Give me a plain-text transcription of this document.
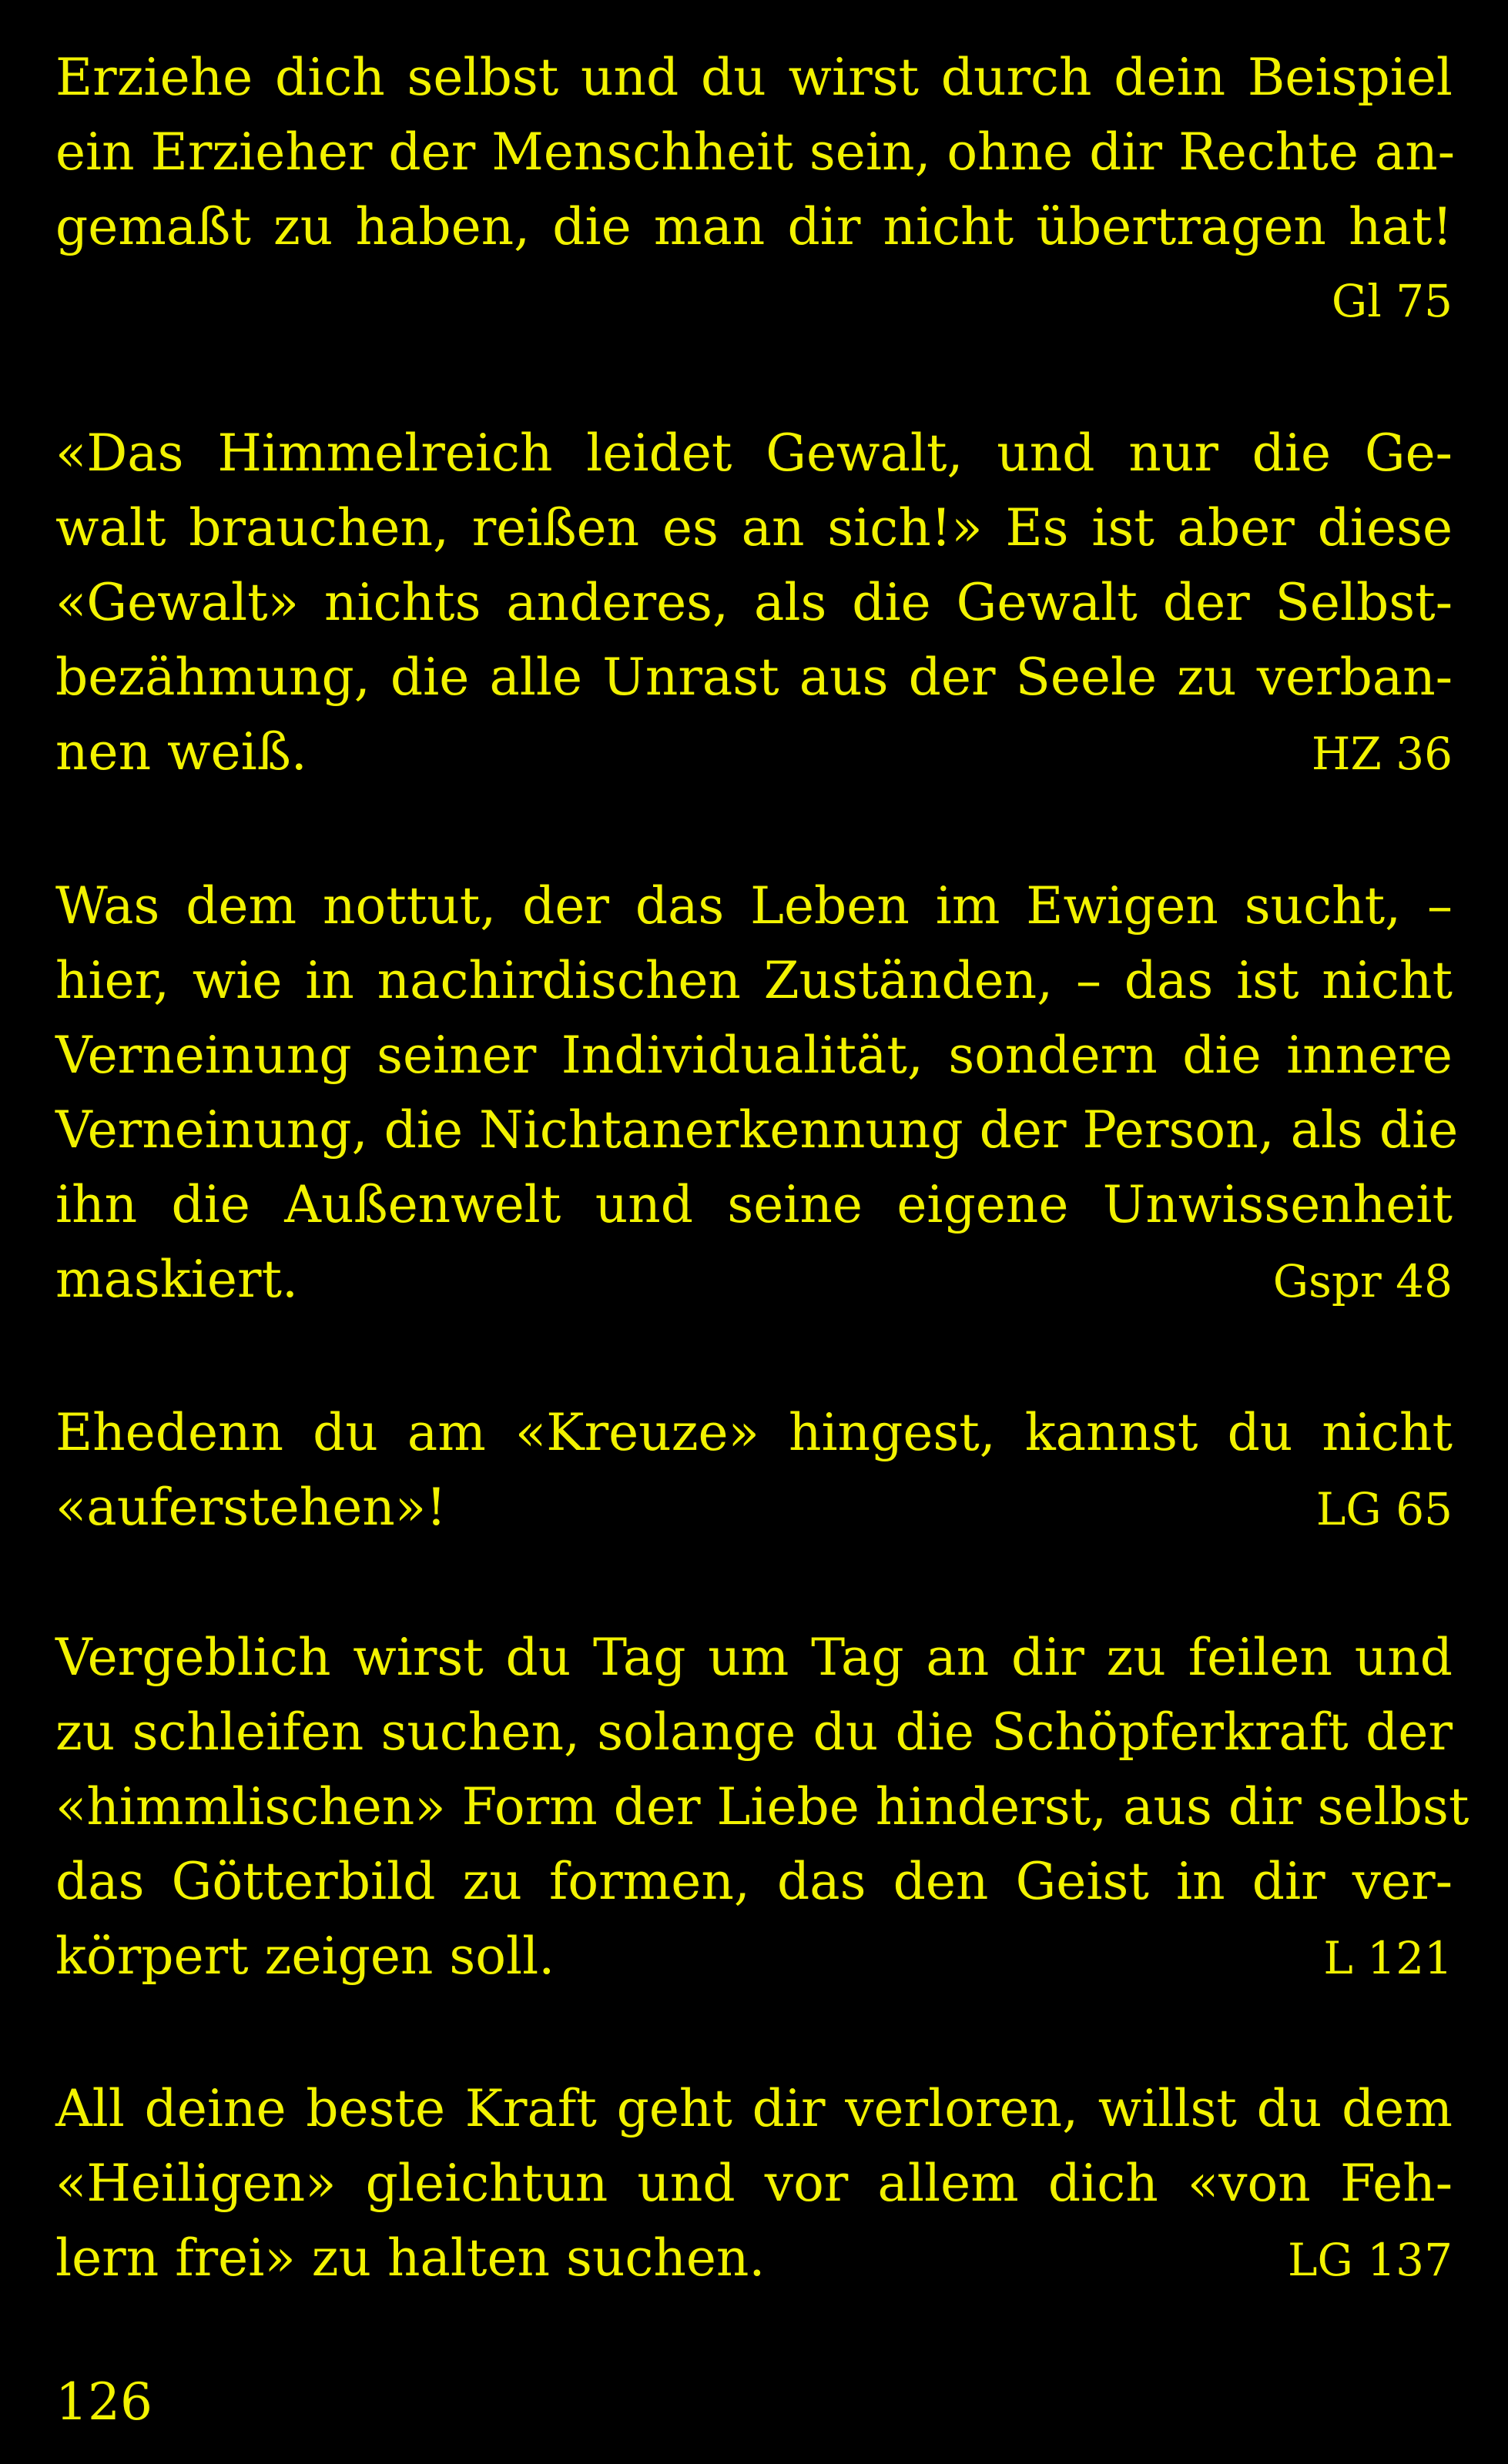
Erziehe dich selbst und du wirst durch dein Beispiel
ein Erzieher der Menschheit sein, ohne dir Rechte an-
gemaßt zu haben, die man dir nicht übertragen hat!
Gl 75
«Das Himmelreich leidet Gewalt, und nur die Ge-
walt brauchen, reißen es an sich!» Es ist aber diese
«Gewalt» nichts anderes, als die Gewalt der Selbst-
bezähmung, die alle Unrast aus der Seele zu verban-
nen weiß.	HZ 36
Was dem nottut, der das Leben im Ewigen sucht, –
hier, wie in nachirdischen Zuständen, – das ist nicht
Verneinung seiner Individualität, sondern die innere
Verneinung, die Nichtanerkennung der Person, als die
ihn die Außenwelt und seine eigene Unwissenheit
maskiert.	Gspr 48
Ehedenn du am «Kreuze» hingest, kannst du nicht
«auferstehen»!	LG 65
Vergeblich wirst du Tag um Tag an dir zu feilen und
zu schleifen suchen, solange du die Schöpferkraft der
«himmlischen» Form der Liebe hinderst, aus dir selbst
das Götterbild zu formen, das den Geist in dir ver-
körpert zeigen soll.	L 121
All deine beste Kraft geht dir verloren, willst du dem
«Heiligen» gleichtun und vor allem dich «von Feh-
lern frei» zu halten suchen.	LG 137
126
